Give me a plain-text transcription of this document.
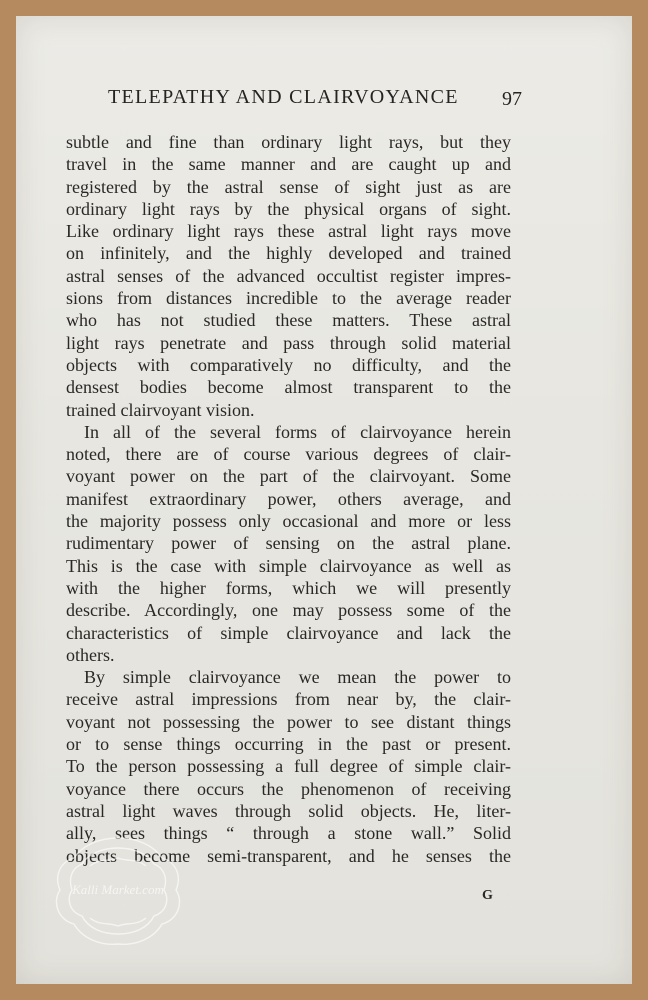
TELEPATHY AND CLAIRVOYANCE 97
subtle and fine than ordinary light rays, but they
travel in the same manner and are caught up and
registered by the astral sense of sight just as are
ordinary light rays by the physical organs of sight.
Like ordinary light rays these astral light rays move
on infinitely, and the highly developed and trained
astral senses of the advanced occultist register impres-
sions from distances incredible to the average reader
who has not studied these matters. These astral
light rays penetrate and pass through solid material
objects with comparatively no difficulty, and the
densest bodies become almost transparent to the
trained clairvoyant vision.
In all of the several forms of clairvoyance herein
noted, there are of course various degrees of clair-
voyant power on the part of the clairvoyant. Some
manifest extraordinary power, others average, and
the majority possess only occasional and more or less
rudimentary power of sensing on the astral plane.
This is the case with simple clairvoyance as well as
with the higher forms, which we will presently
describe. Accordingly, one may possess some of the
characteristics of simple clairvoyance and lack the
others.
By simple clairvoyance we mean the power to
receive astral impressions from near by, the clair-
voyant not possessing the power to see distant things
or to sense things occurring in the past or present.
To the person possessing a full degree of simple clair-
voyance there occurs the phenomenon of receiving
astral light waves through solid objects. He, liter-
ally, sees things “ through a stone wall.” Solid
objects become semi-transparent, and he senses the
G
Kalli Market.com
